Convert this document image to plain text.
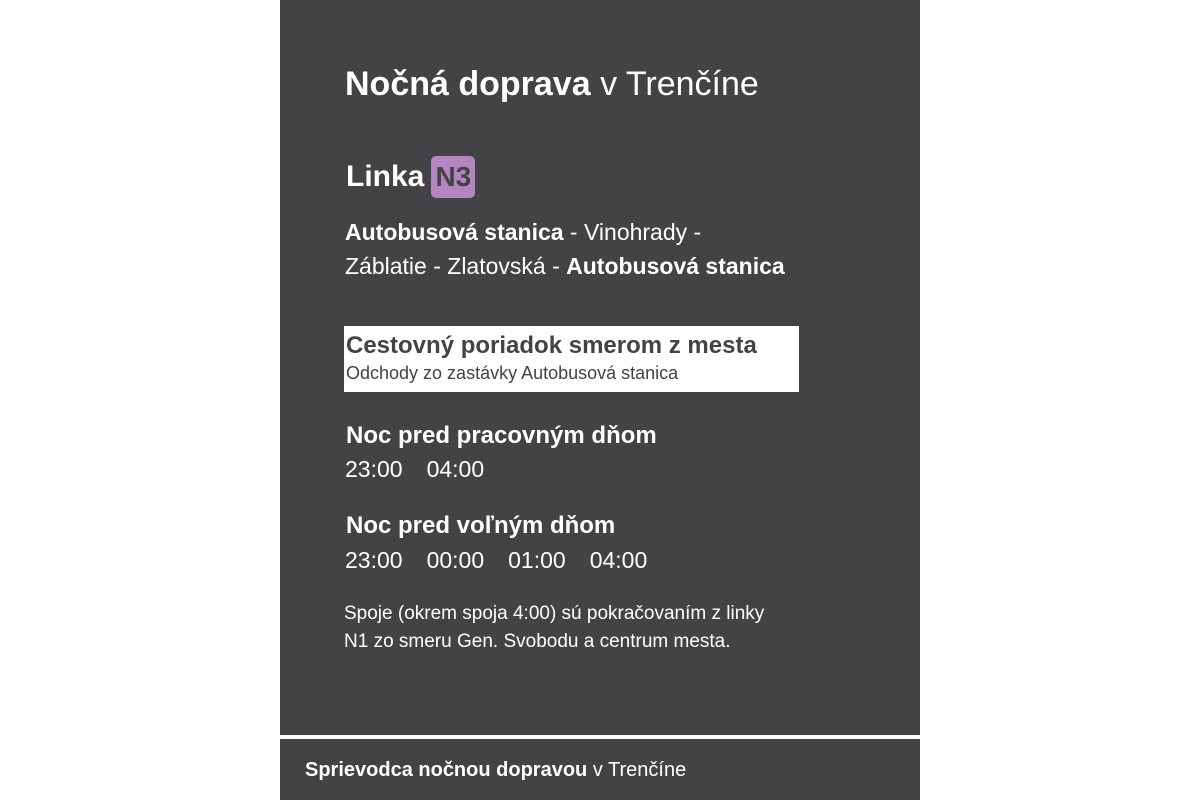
Nočná doprava v Trenčíne
Linka N3
Autobusová stanica - Vinohrady -
Záblatie - Zlatovská - Autobusová stanica
Cestovný poriadok smerom z mesta
Odchody zo zastávky Autobusová stanica
Noc pred pracovným dňom
23:00 04:00
Noc pred voľným dňom
23:00 00:00 01:00 04:00
Spoje (okrem spoja 4:00) sú pokračovaním z linky
N1 zo smeru Gen. Svobodu a centrum mesta.
Sprievodca nočnou dopravou v Trenčíne
